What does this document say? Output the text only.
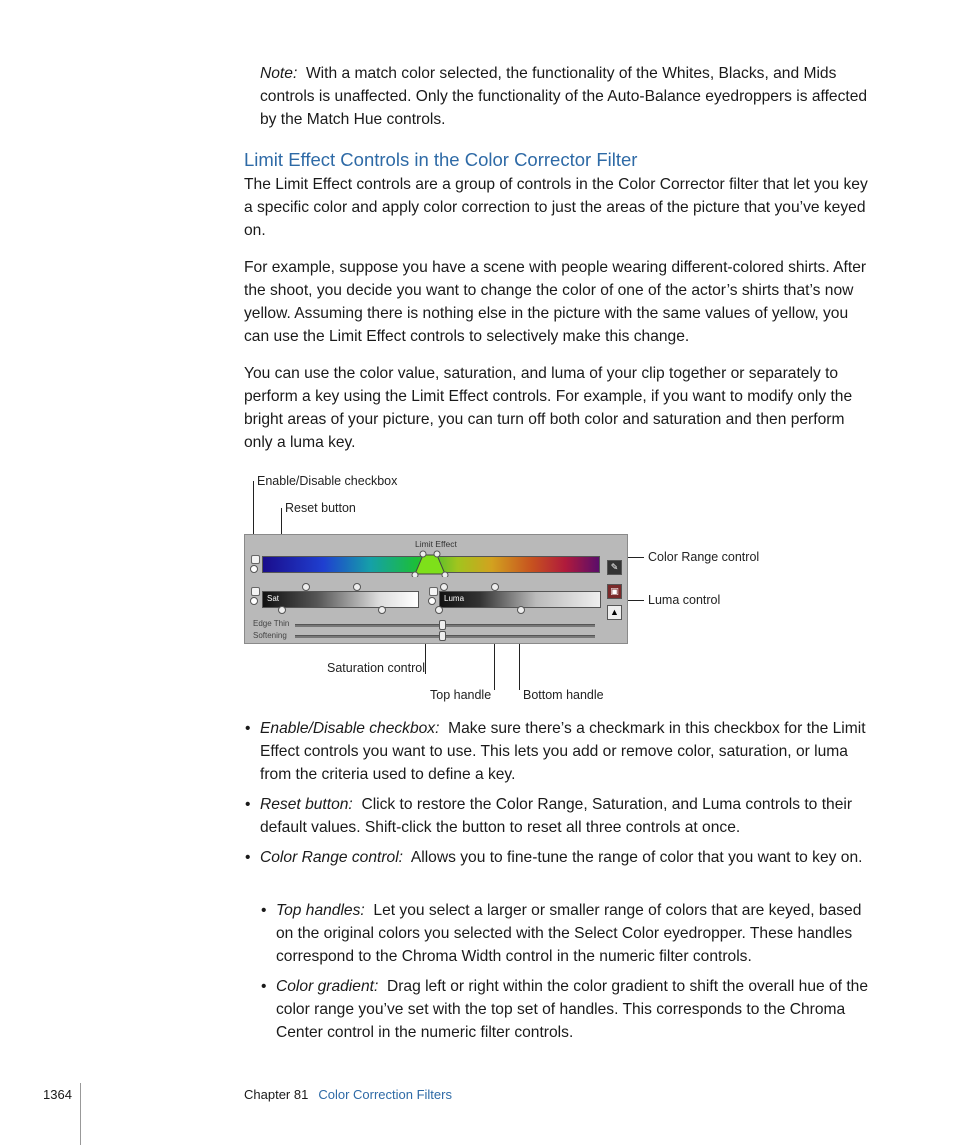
Note: With a match color selected, the functionality of the Whites, Blacks, and Mids controls is unaffected. Only the functionality of the Auto-Balance eyedroppers is affected by the Match Hue controls.

Limit Effect Controls in the Color Corrector Filter

The Limit Effect controls are a group of controls in the Color Corrector filter that let you key a specific color and apply color correction to just the areas of the picture that you’ve keyed on.

For example, suppose you have a scene with people wearing different-colored shirts. After the shoot, you decide you want to change the color of one of the actor’s shirts that’s now yellow. Assuming there is nothing else in the picture with the same values of yellow, you can use the Limit Effect controls to selectively make this change.

You can use the color value, saturation, and luma of your clip together or separately to perform a key using the Limit Effect controls. For example, if you want to modify only the bright areas of your picture, you can turn off both color and saturation and then perform only a luma key.

Enable/Disable checkbox
Reset button
Color Range control
Luma control
Saturation control
Top handle	Bottom handle
Limit Effect
✎
▣
▲
Sat	Luma
Edge Thin
Softening

• Enable/Disable checkbox: Make sure there’s a checkmark in this checkbox for the Limit Effect controls you want to use. This lets you add or remove color, saturation, or luma from the criteria used to define a key.

• Reset button: Click to restore the Color Range, Saturation, and Luma controls to their default values. Shift-click the button to reset all three controls at once.

• Color Range control: Allows you to fine-tune the range of color that you want to key on.

• Top handles: Let you select a larger or smaller range of colors that are keyed, based on the original colors you selected with the Select Color eyedropper. These handles correspond to the Chroma Width control in the numeric filter controls.

• Color gradient: Drag left or right within the color gradient to shift the overall hue of the color range you’ve set with the top set of handles. This corresponds to the Chroma Center control in the numeric filter controls.

1364	Chapter 81 Color Correction Filters
